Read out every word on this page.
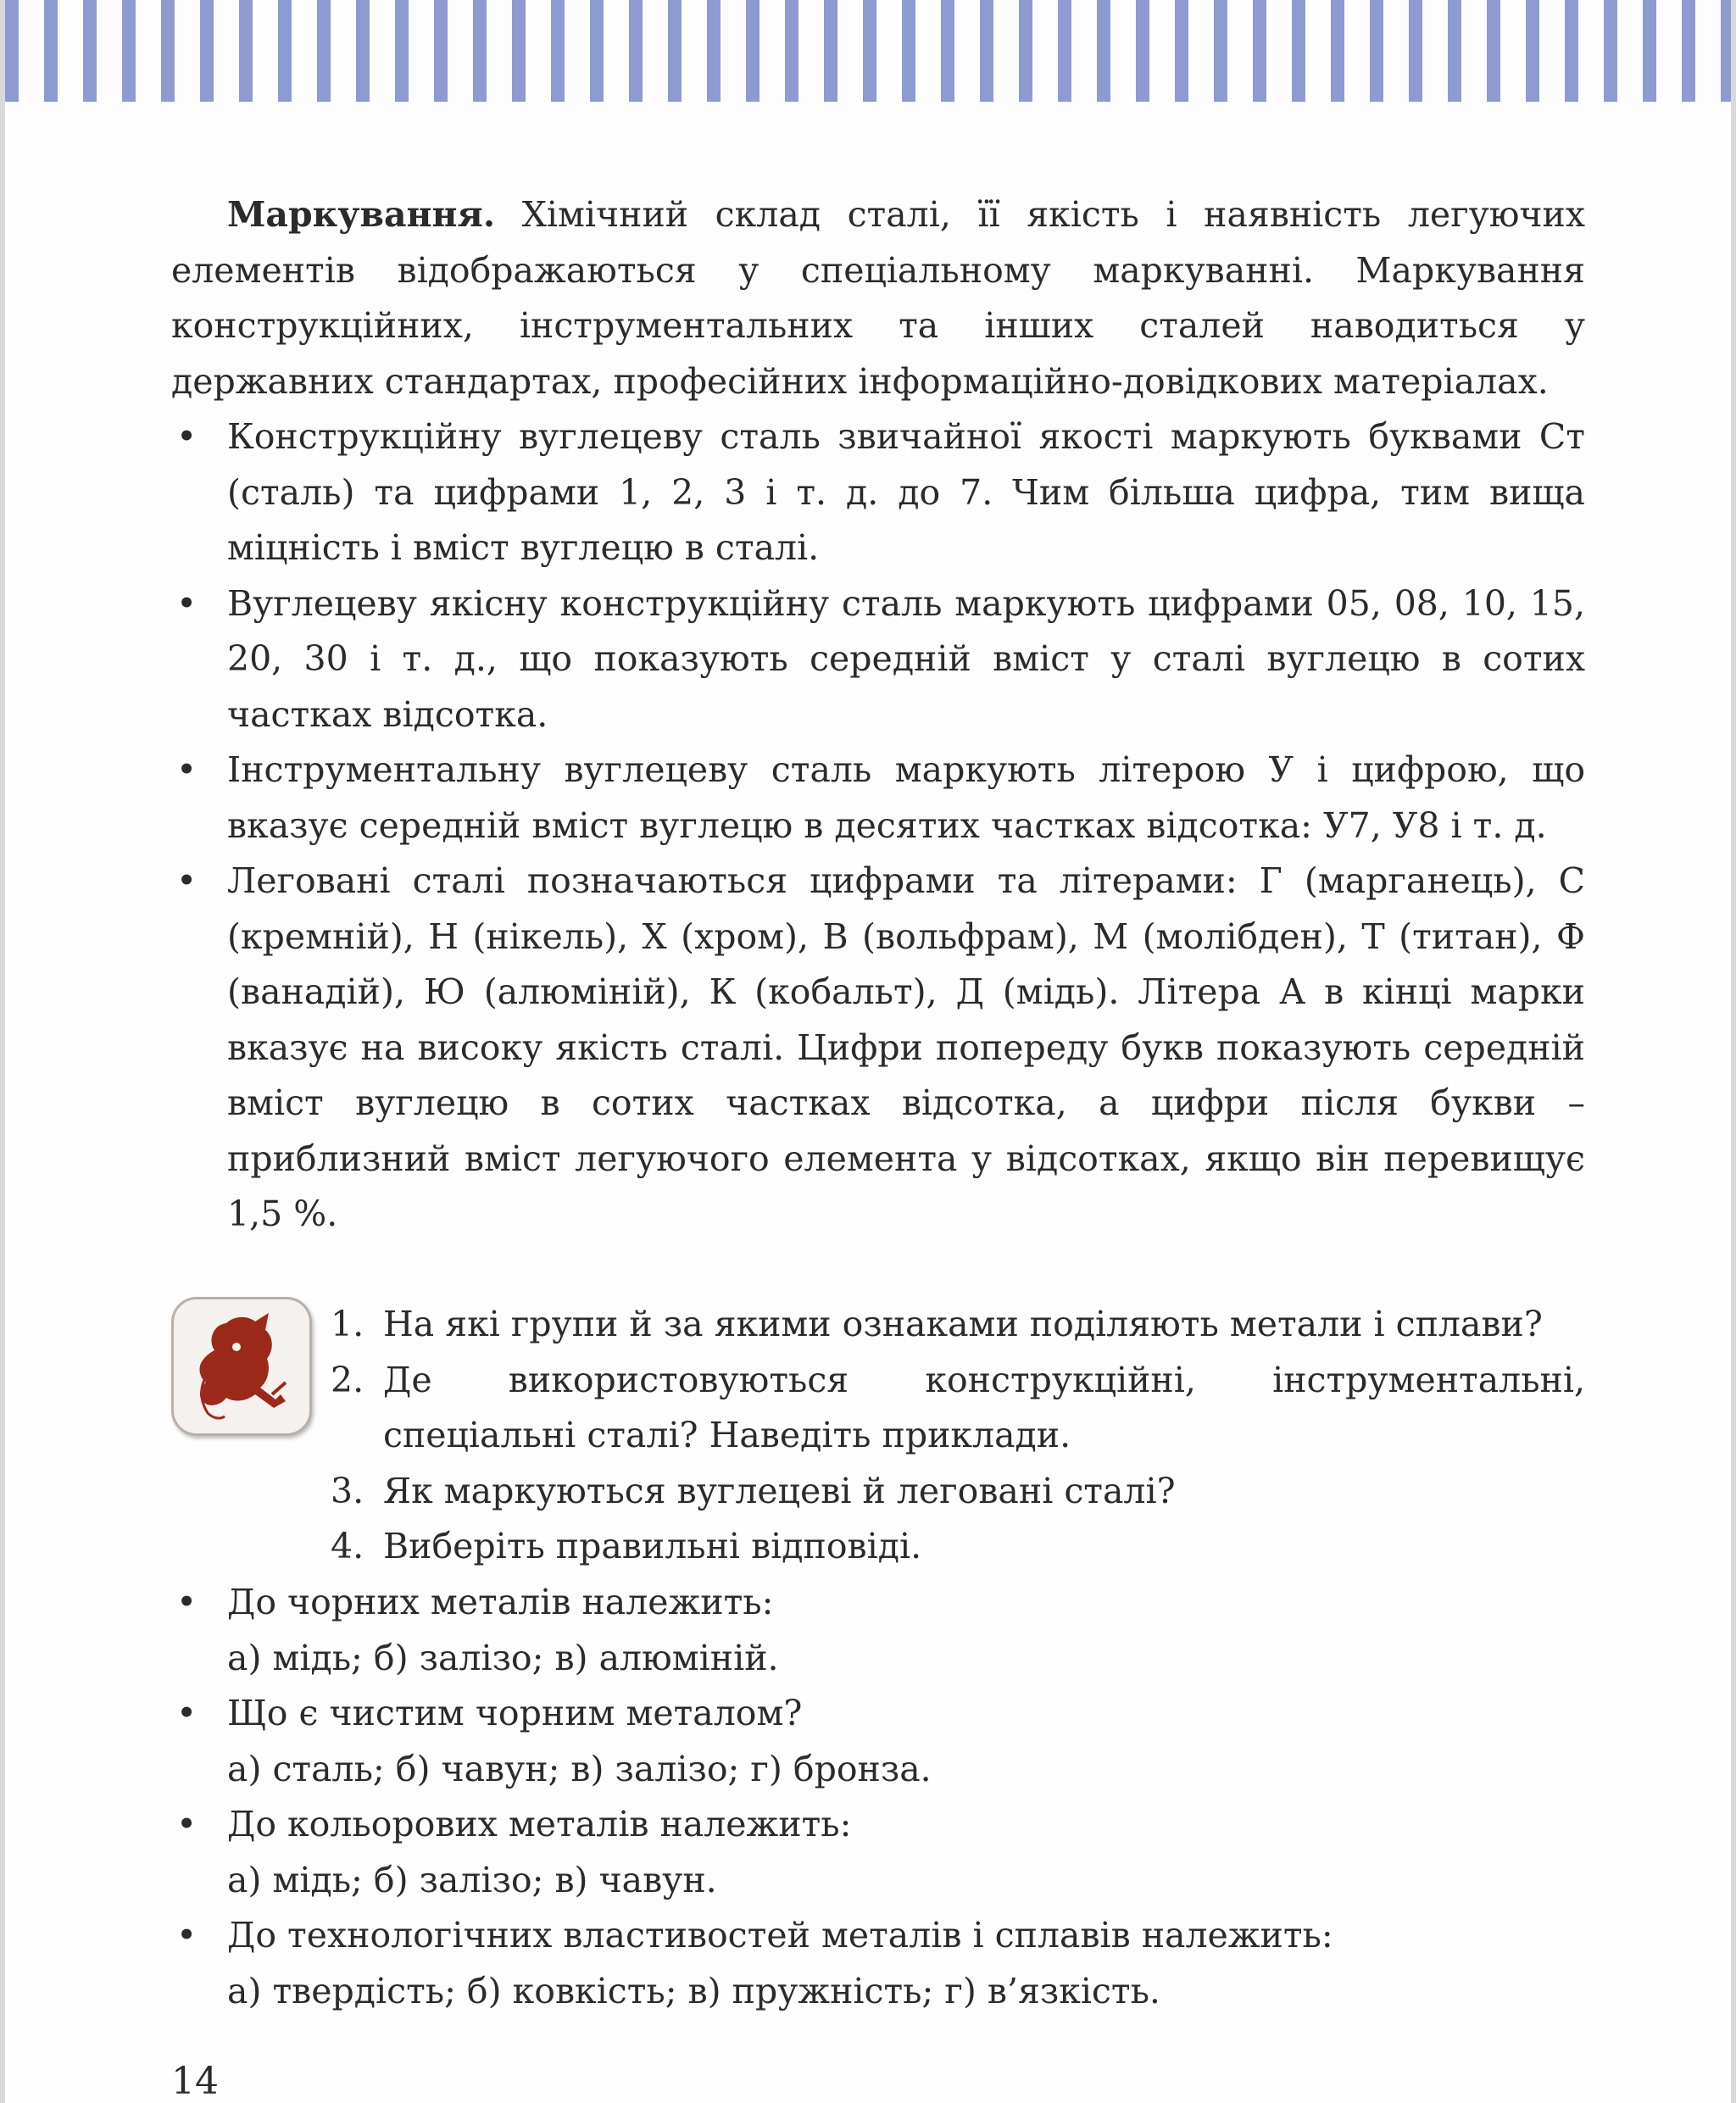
Маркування. Хімічний склад сталі, її якість і наявність легуючих елементів відображаються у спеціальному маркуванні. Маркування конструкційних, інструментальних та інших сталей наводиться у державних стандартах, професійних інформаційно-довідкових матеріалах.

• Конструкційну вуглецеву сталь звичайної якості маркують буквами Ст (сталь) та цифрами 1, 2, 3 і т. д. до 7. Чим більша цифра, тим вища міцність і вміст вуглецю в сталі.
• Вуглецеву якісну конструкційну сталь маркують цифрами 05, 08, 10, 15, 20, 30 і т. д., що показують середній вміст у сталі вуглецю в сотих частках відсотка.
• Інструментальну вуглецеву сталь маркують літерою У і цифрою, що вказує середній вміст вуглецю в десятих частках відсотка: У7, У8 і т. д.
• Леговані сталі позначаються цифрами та літерами: Г (марганець), С (кремній), Н (нікель), Х (хром), В (вольфрам), М (молібден), Т (титан), Ф (ванадій), Ю (алюміній), К (кобальт), Д (мідь). Літера А в кінці марки вказує на високу якість сталі. Цифри попереду букв показують середній вміст вуглецю в сотих частках відсотка, а цифри після букви – приблизний вміст легуючого елемента у відсотках, якщо він перевищує 1,5 %.
1. На які групи й за якими ознаками поділяють метали і сплави?
2. Де використовуються конструкційні, інструментальні, спеціальні сталі? Наведіть приклади.
3. Як маркуються вуглецеві й леговані сталі?
4. Виберіть правильні відповіді.
• До чорних металів належить:
а) мідь; б) залізо; в) алюміній.
• Що є чистим чорним металом?
а) сталь; б) чавун; в) залізо; г) бронза.
• До кольорових металів належить:
а) мідь; б) залізо; в) чавун.
• До технологічних властивостей металів і сплавів належить:
а) твердість; б) ковкість; в) пружність; г) в’язкість.
14
